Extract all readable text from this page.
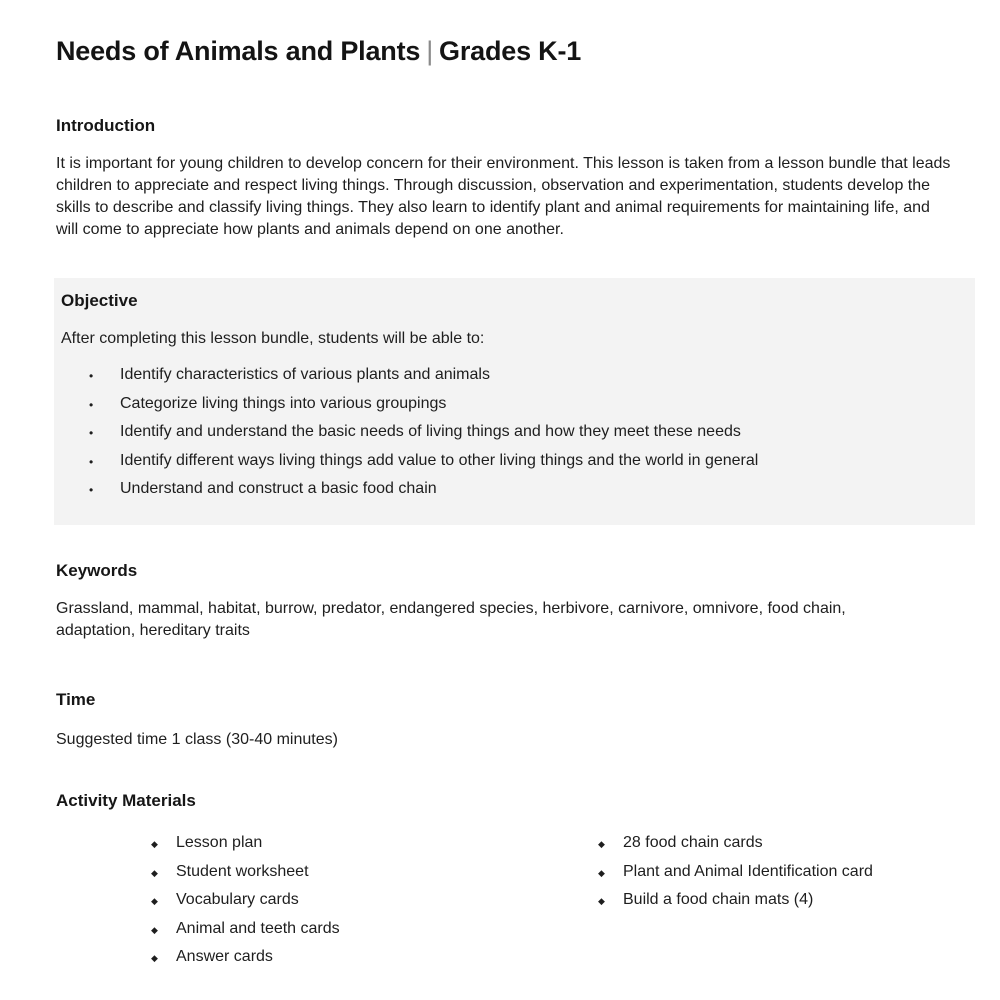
Needs of Animals and Plants | Grades K-1
Introduction

It is important for young children to develop concern for their environment. This lesson is taken from a lesson bundle that leads children to appreciate and respect living things. Through discussion, observation and experimentation, students develop the skills to describe and classify living things. They also learn to identify plant and animal requirements for maintaining life, and will come to appreciate how plants and animals depend on one another.

Objective

After completing this lesson bundle, students will be able to:

• Identify characteristics of various plants and animals
• Categorize living things into various groupings
• Identify and understand the basic needs of living things and how they meet these needs
• Identify different ways living things add value to other living things and the world in general
• Understand and construct a basic food chain
Keywords

Grassland, mammal, habitat, burrow, predator, endangered species, herbivore, carnivore, omnivore, food chain, adaptation, hereditary traits

Time

Suggested time 1 class (30-40 minutes)

Activity Materials
◆ Lesson plan
◆ Student worksheet
◆ Vocabulary cards
◆ Animal and teeth cards
◆ Answer cards
◆ 28 food chain cards
◆ Plant and Animal Identification card
◆ Build a food chain mats (4)
